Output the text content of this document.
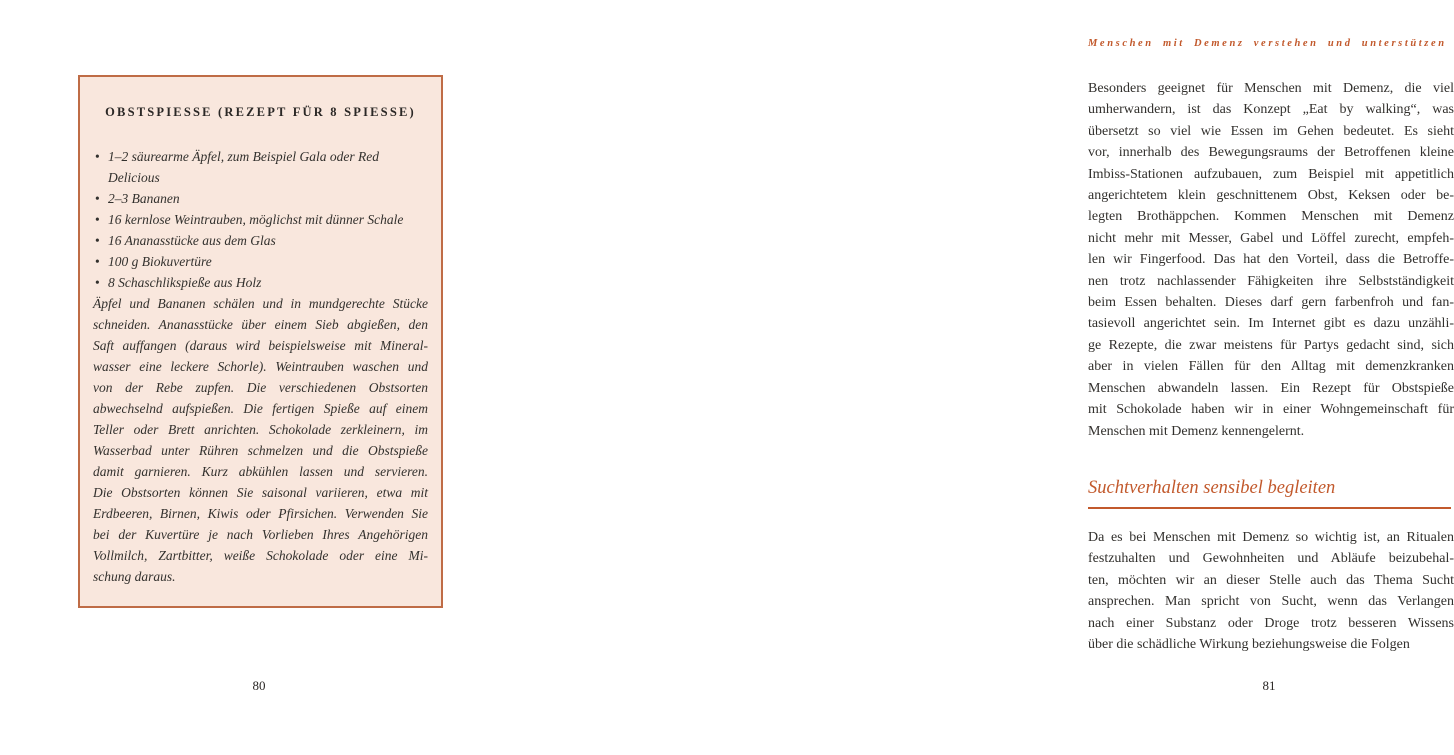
OBSTSPIESSE (REZEPT FÜR 8 SPIESSE)
• 1–2 säurearme Äpfel, zum Beispiel Gala oder Red Delicious
• 2–3 Bananen
• 16 kernlose Weintrauben, möglichst mit dünner Schale
• 16 Ananasstücke aus dem Glas
• 100 g Biokuvertüre
• 8 Schaschlikspieße aus Holz
Äpfel und Bananen schälen und in mundgerechte Stücke
schneiden. Ananasstücke über einem Sieb abgießen, den
Saft auffangen (daraus wird beispielsweise mit Mineral-
wasser eine leckere Schorle). Weintrauben waschen und
von der Rebe zupfen. Die verschiedenen Obstsorten
abwechselnd aufspießen. Die fertigen Spieße auf einem
Teller oder Brett anrichten. Schokolade zerkleinern, im
Wasserbad unter Rühren schmelzen und die Obstspieße
damit garnieren. Kurz abkühlen lassen und servieren.
Die Obstsorten können Sie saisonal variieren, etwa mit
Erdbeeren, Birnen, Kiwis oder Pfirsichen. Verwenden Sie
bei der Kuvertüre je nach Vorlieben Ihres Angehörigen
Vollmilch, Zartbitter, weiße Schokolade oder eine Mi-
schung daraus.
80
Menschen mit Demenz verstehen und unterstützen
Besonders geeignet für Menschen mit Demenz, die viel
umherwandern, ist das Konzept „Eat by walking“, was
übersetzt so viel wie Essen im Gehen bedeutet. Es sieht
vor, innerhalb des Bewegungsraums der Betroffenen kleine
Imbiss-Stationen aufzubauen, zum Beispiel mit appetitlich
angerichtetem klein geschnittenem Obst, Keksen oder be-
legten Brothäppchen. Kommen Menschen mit Demenz
nicht mehr mit Messer, Gabel und Löffel zurecht, empfeh-
len wir Fingerfood. Das hat den Vorteil, dass die Betroffe-
nen trotz nachlassender Fähigkeiten ihre Selbstständigkeit
beim Essen behalten. Dieses darf gern farbenfroh und fan-
tasievoll angerichtet sein. Im Internet gibt es dazu unzähli-
ge Rezepte, die zwar meistens für Partys gedacht sind, sich
aber in vielen Fällen für den Alltag mit demenzkranken
Menschen abwandeln lassen. Ein Rezept für Obstspieße
mit Schokolade haben wir in einer Wohngemeinschaft für
Menschen mit Demenz kennengelernt.
Suchtverhalten sensibel begleiten
Da es bei Menschen mit Demenz so wichtig ist, an Ritualen
festzuhalten und Gewohnheiten und Abläufe beizubehal-
ten, möchten wir an dieser Stelle auch das Thema Sucht
ansprechen. Man spricht von Sucht, wenn das Verlangen
nach einer Substanz oder Droge trotz besseren Wissens
über die schädliche Wirkung beziehungsweise die Folgen
81
